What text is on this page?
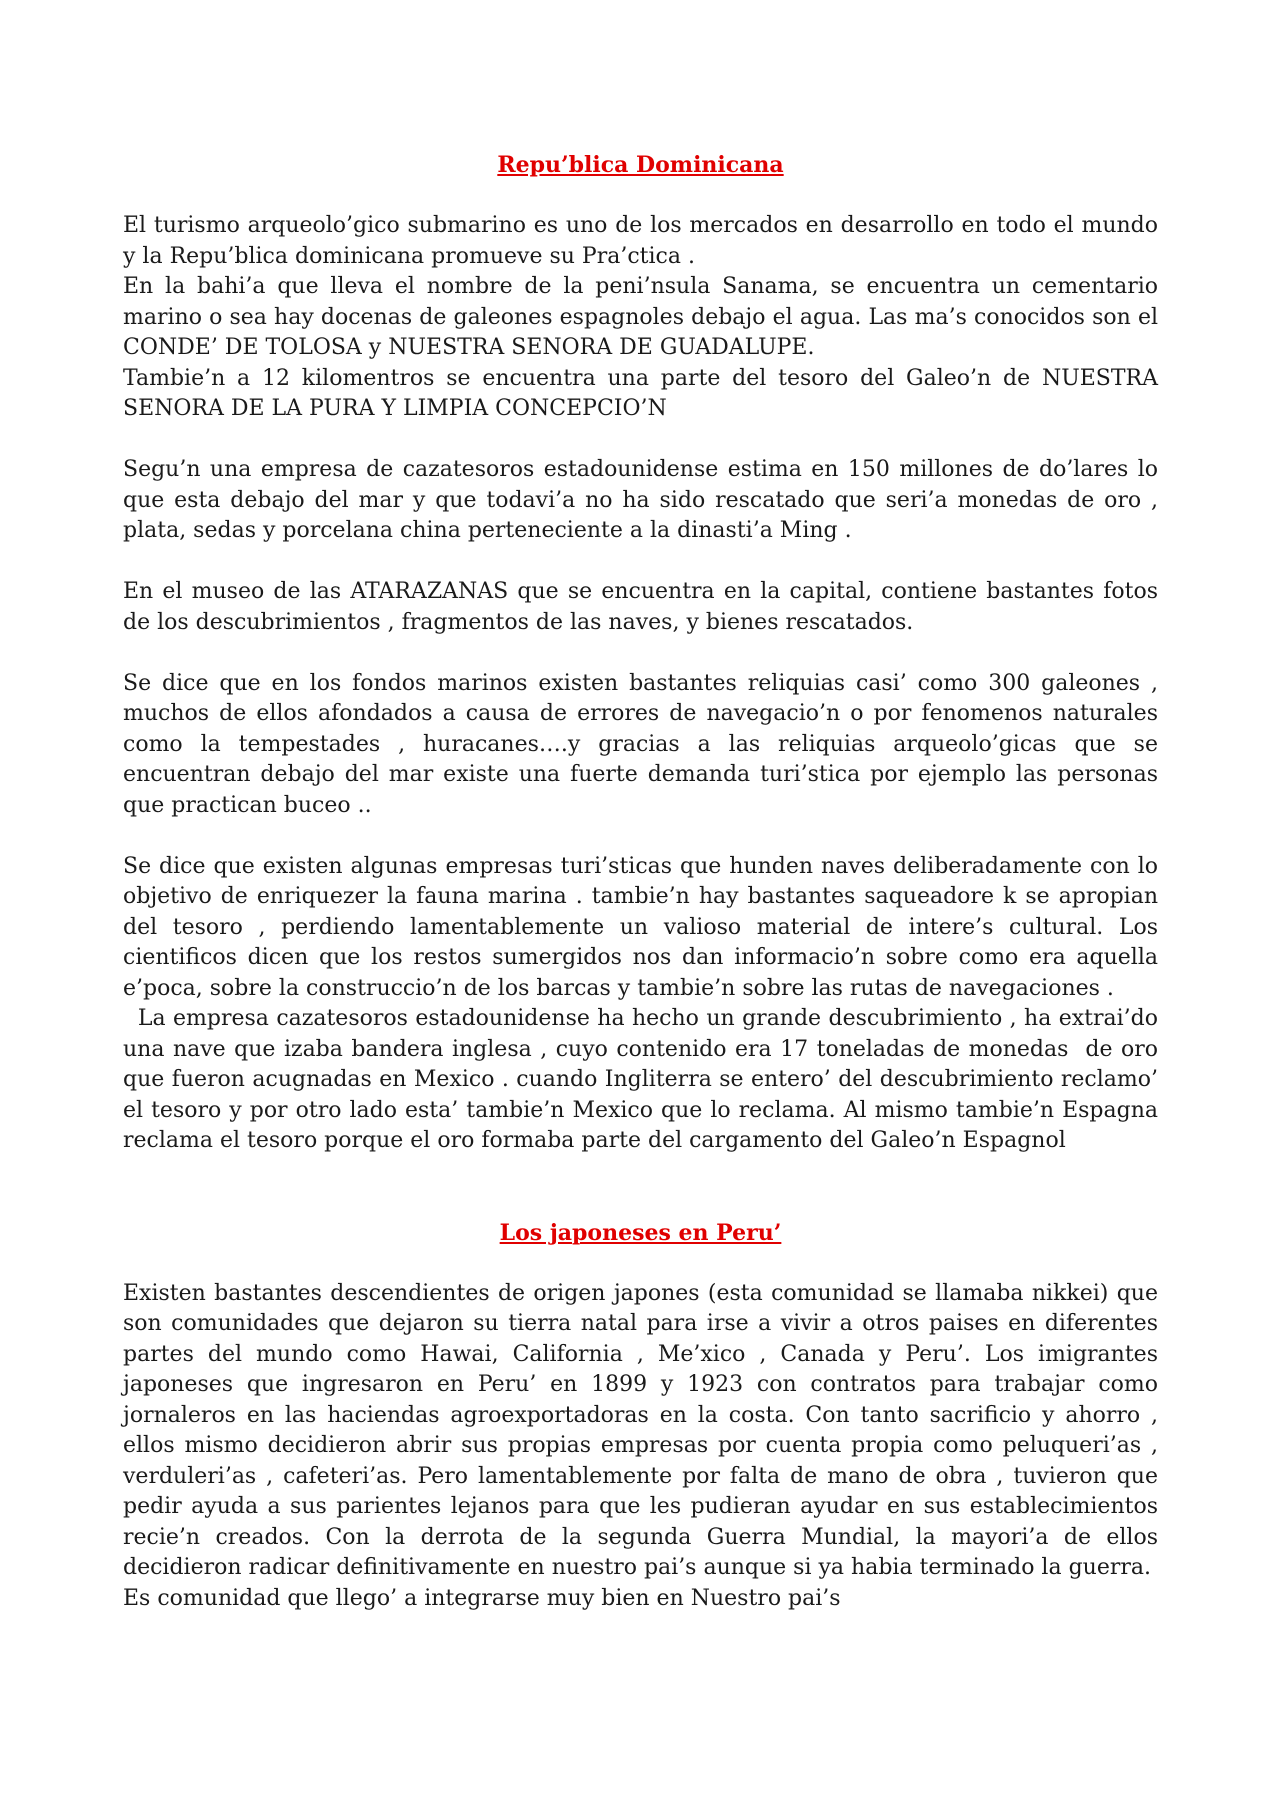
Repu’blica Dominicana
El turismo arqueolo’gico submarino es uno de los mercados en desarrollo en todo el mundo y la Repu’blica dominicana promueve su Pra’ctica .
En la bahi’a que lleva el nombre de la peni’nsula Sanama, se encuentra un cementario marino o sea hay docenas de galeones espagnoles debajo el agua. Las ma’s conocidos son el CONDE’ DE TOLOSA y NUESTRA SENORA DE GUADALUPE.
Tambie’n a 12 kilomentros se encuentra una parte del tesoro del Galeo’n de NUESTRA SENORA DE LA PURA Y LIMPIA CONCEPCIO’N
Segu’n una empresa de cazatesoros estadounidense estima en 150 millones de do’lares lo que esta debajo del mar y que todavi’a no ha sido rescatado que seri’a monedas de oro , plata, sedas y porcelana china perteneciente a la dinasti’a Ming .
En el museo de las ATARAZANAS que se encuentra en la capital, contiene bastantes fotos de los descubrimientos , fragmentos de las naves, y bienes rescatados.
Se dice que en los fondos marinos existen bastantes reliquias casi’ como 300 galeones , muchos de ellos afondados a causa de errores de navegacio’n o por fenomenos naturales como la tempestades , huracanes….y gracias a las reliquias arqueolo’gicas que se encuentran debajo del mar existe una fuerte demanda turi’stica por ejemplo las personas que practican buceo ..
Se dice que existen algunas empresas turi’sticas que hunden naves deliberadamente con lo objetivo de enriquezer la fauna marina . tambie’n hay bastantes saqueadore k se apropian del tesoro , perdiendo lamentablemente un valioso material de intere’s cultural. Los cientificos dicen que los restos sumergidos nos dan informacio’n sobre como era aquella e’poca, sobre la construccio’n de los barcas y tambie’n sobre las rutas de navegaciones .
La empresa cazatesoros estadounidense ha hecho un grande descubrimiento , ha extrai’do una nave que izaba bandera inglesa , cuyo contenido era 17 toneladas de monedas  de oro que fueron acugnadas en Mexico . cuando Ingliterra se entero’ del descubrimiento reclamo’ el tesoro y por otro lado esta’ tambie’n Mexico que lo reclama. Al mismo tambie’n Espagna reclama el tesoro porque el oro formaba parte del cargamento del Galeo’n Espagnol
Los japoneses en Peru’
Existen bastantes descendientes de origen japones (esta comunidad se llamaba nikkei) que son comunidades que dejaron su tierra natal para irse a vivir a otros paises en diferentes partes del mundo como Hawai, California , Me’xico , Canada y Peru’. Los imigrantes japoneses que ingresaron en Peru’ en 1899 y 1923 con contratos para trabajar como jornaleros en las haciendas agroexportadoras en la costa. Con tanto sacrificio y ahorro , ellos mismo decidieron abrir sus propias empresas por cuenta propia como peluqueri’as , verduleri’as , cafeteri’as. Pero lamentablemente por falta de mano de obra , tuvieron que pedir ayuda a sus parientes lejanos para que les pudieran ayudar en sus establecimientos recie’n creados. Con la derrota de la segunda Guerra Mundial, la mayori’a de ellos decidieron radicar definitivamente en nuestro pai’s aunque si ya habia terminado la guerra.
Es comunidad que llego’ a integrarse muy bien en Nuestro pai’s
